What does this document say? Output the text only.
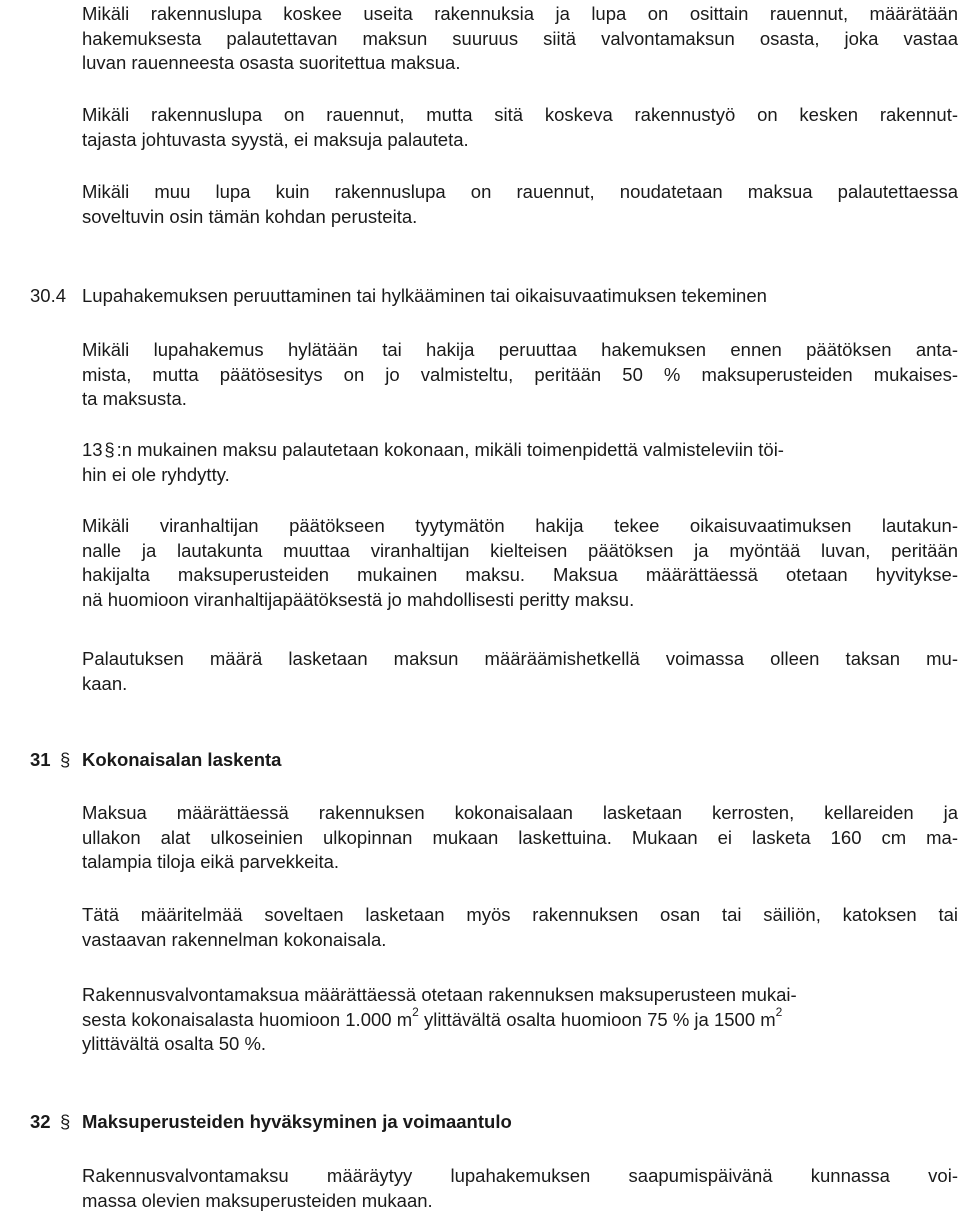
Mikäli rakennuslupa koskee useita rakennuksia ja lupa on osittain rauennut, määrätään
hakemuksesta palautettavan maksun suuruus siitä valvontamaksun osasta, joka vastaa
luvan rauenneesta osasta suoritettua maksua.
Mikäli rakennuslupa on rauennut, mutta sitä koskeva rakennustyö on kesken rakennut-
tajasta johtuvasta syystä, ei maksuja palauteta.
Mikäli muu lupa kuin rakennuslupa on rauennut, noudatetaan maksua palautettaessa
soveltuvin osin tämän kohdan perusteita.
30.4 Lupahakemuksen peruuttaminen tai hylkääminen tai oikaisuvaatimuksen tekeminen
Mikäli lupahakemus hylätään tai hakija peruuttaa hakemuksen ennen päätöksen anta-
mista, mutta päätösesitys on jo valmisteltu, peritään 50 % maksuperusteiden mukaises-
ta maksusta.
13§ :n mukainen maksu palautetaan kokonaan, mikäli toimenpidettä valmisteleviin töi-
hin ei ole ryhdytty.
Mikäli viranhaltijan päätökseen tyytymätön hakija tekee oikaisuvaatimuksen lautakun-
nalle ja lautakunta muuttaa viranhaltijan kielteisen päätöksen ja myöntää luvan, peritään
hakijalta maksuperusteiden mukainen maksu. Maksua määrättäessä otetaan hyvitykse-
nä huomioon viranhaltijapäätöksestä jo mahdollisesti peritty maksu.
Palautuksen määrä lasketaan maksun määräämishetkellä voimassa olleen taksan mu-
kaan.
31 § Kokonaisalan laskenta
Maksua määrättäessä rakennuksen kokonaisalaan lasketaan kerrosten, kellareiden ja
ullakon alat ulkoseinien ulkopinnan mukaan laskettuina. Mukaan ei lasketa 160 cm ma-
talampia tiloja eikä parvekkeita.
Tätä määritelmää soveltaen lasketaan myös rakennuksen osan tai säiliön, katoksen tai
vastaavan rakennelman kokonaisala.
Rakennusvalvontamaksua määrättäessä otetaan rakennuksen maksuperusteen mukai-
sesta kokonaisalasta huomioon 1.000 $m^2$ ylittävältä osalta huomioon 75 % ja 1500 $m^2$
ylittävältä osalta 50 %.
32 § Maksuperusteiden hyväksyminen ja voimaantulo
Rakennusvalvontamaksu määräytyy lupahakemuksen saapumispäivänä kunnassa voi-
massa olevien maksuperusteiden mukaan.
